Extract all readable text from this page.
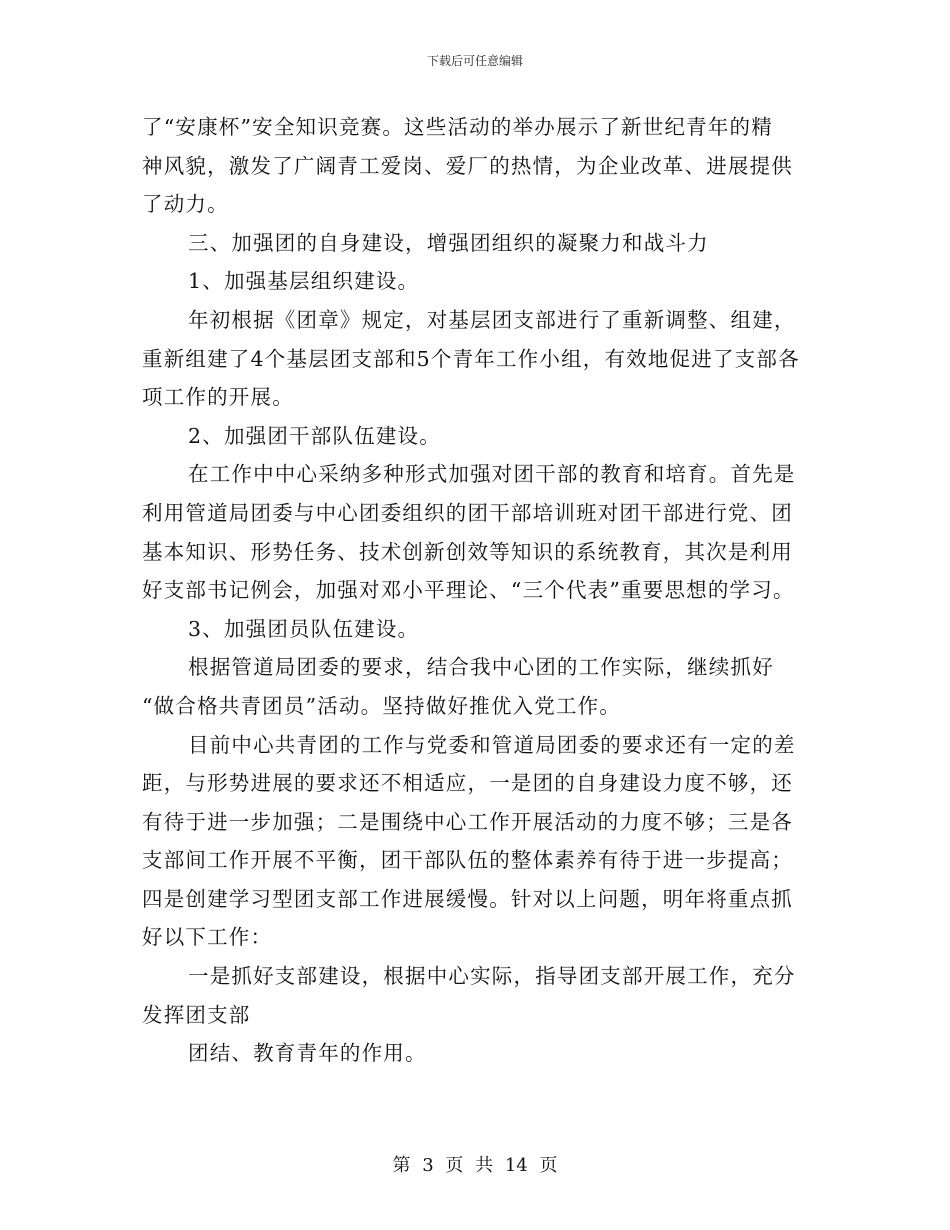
下载后可任意编辑

了“安康杯”安全知识竞赛。这些活动的举办展示了新世纪青年的精

神风貌，激发了广阔青工爱岗、爱厂的热情，为企业改革、进展提供

了动力。

三、加强团的自身建设，增强团组织的凝聚力和战斗力

1、加强基层组织建设。

年初根据《团章》规定，对基层团支部进行了重新调整、组建，

重新组建了4个基层团支部和5个青年工作小组，有效地促进了支部各

项工作的开展。

2、加强团干部队伍建设。

在工作中中心采纳多种形式加强对团干部的教育和培育。首先是

利用管道局团委与中心团委组织的团干部培训班对团干部进行党、团

基本知识、形势任务、技术创新创效等知识的系统教育，其次是利用

好支部书记例会，加强对邓小平理论、“三个代表”重要思想的学习。

3、加强团员队伍建设。

根据管道局团委的要求，结合我中心团的工作实际，继续抓好

“做合格共青团员”活动。坚持做好推优入党工作。

目前中心共青团的工作与党委和管道局团委的要求还有一定的差

距，与形势进展的要求还不相适应，一是团的自身建设力度不够，还

有待于进一步加强；二是围绕中心工作开展活动的力度不够；三是各

支部间工作开展不平衡，团干部队伍的整体素养有待于进一步提高；

四是创建学习型团支部工作进展缓慢。针对以上问题，明年将重点抓

好以下工作：

一是抓好支部建设，根据中心实际，指导团支部开展工作，充分

发挥团支部

团结、教育青年的作用。

第 3 页 共 14 页
